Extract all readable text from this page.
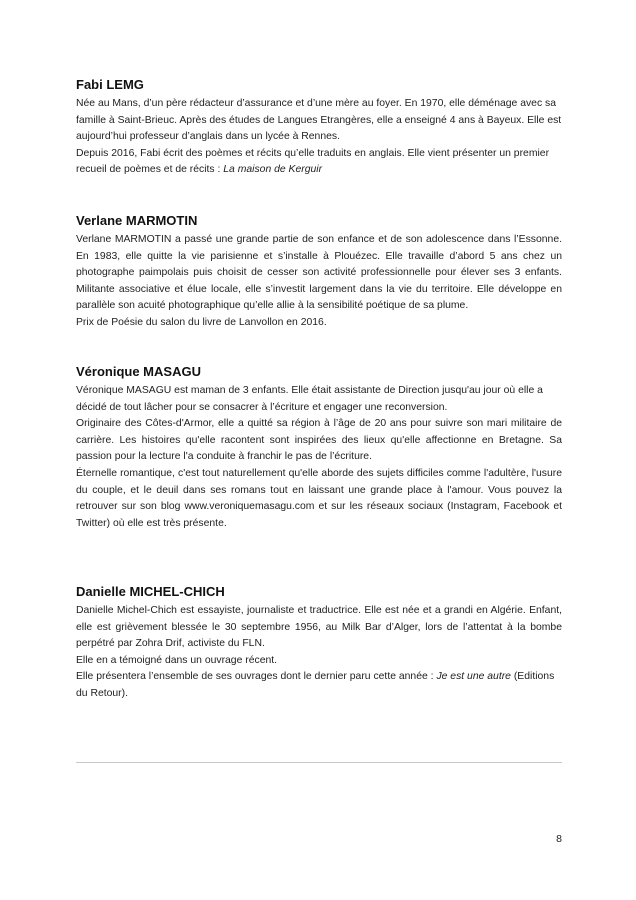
Fabi LEMG

Née au Mans, d’un père rédacteur d’assurance et d’une mère au foyer. En 1970, elle déménage avec sa famille à Saint-Brieuc. Après des études de Langues Etrangères, elle a enseigné 4 ans à Bayeux. Elle est aujourd’hui professeur d’anglais dans un lycée à Rennes.

Depuis 2016, Fabi écrit des poèmes et récits qu’elle traduits en anglais. Elle vient présenter un premier recueil de poèmes et de récits : La maison de Kerguir

Verlane MARMOTIN

Verlane MARMOTIN a passé une grande partie de son enfance et de son adolescence dans l’Essonne. En 1983, elle quitte la vie parisienne et s’installe à Plouézec. Elle travaille d’abord 5 ans chez un photographe paimpolais puis choisit de cesser son activité professionnelle pour élever ses 3 enfants. Militante associative et élue locale, elle s’investit largement dans la vie du territoire. Elle développe en parallèle son acuité photographique qu’elle allie à la sensibilité poétique de sa plume.

Prix de Poésie du salon du livre de Lanvollon en 2016.

Véronique MASAGU

Véronique MASAGU est maman de 3 enfants. Elle était assistante de Direction jusqu'au jour où elle a décidé de tout lâcher pour se consacrer à l’écriture et engager une reconversion.

Originaire des Côtes-d'Armor, elle a quitté sa région à l’âge de 20 ans pour suivre son mari militaire de carrière. Les histoires qu'elle racontent sont inspirées des lieux qu'elle affectionne en Bretagne. Sa passion pour la lecture l'a conduite à franchir le pas de l’écriture.

Éternelle romantique, c'est tout naturellement qu'elle aborde des sujets difficiles comme l'adultère, l'usure du couple, et le deuil dans ses romans tout en laissant une grande place à l'amour. Vous pouvez la retrouver sur son blog www.veroniquemasagu.com et sur les réseaux sociaux (Instagram, Facebook et Twitter) où elle est très présente.

Danielle MICHEL-CHICH

Danielle Michel-Chich est essayiste, journaliste et traductrice. Elle est née et a grandi en Algérie. Enfant, elle est grièvement blessée le 30 septembre 1956, au Milk Bar d’Alger, lors de l’attentat à la bombe perpétré par Zohra Drif, activiste du FLN.

Elle en a témoigné dans un ouvrage récent.

Elle présentera l’ensemble de ses ouvrages dont le dernier paru cette année : Je est une autre (Editions du Retour).

8
